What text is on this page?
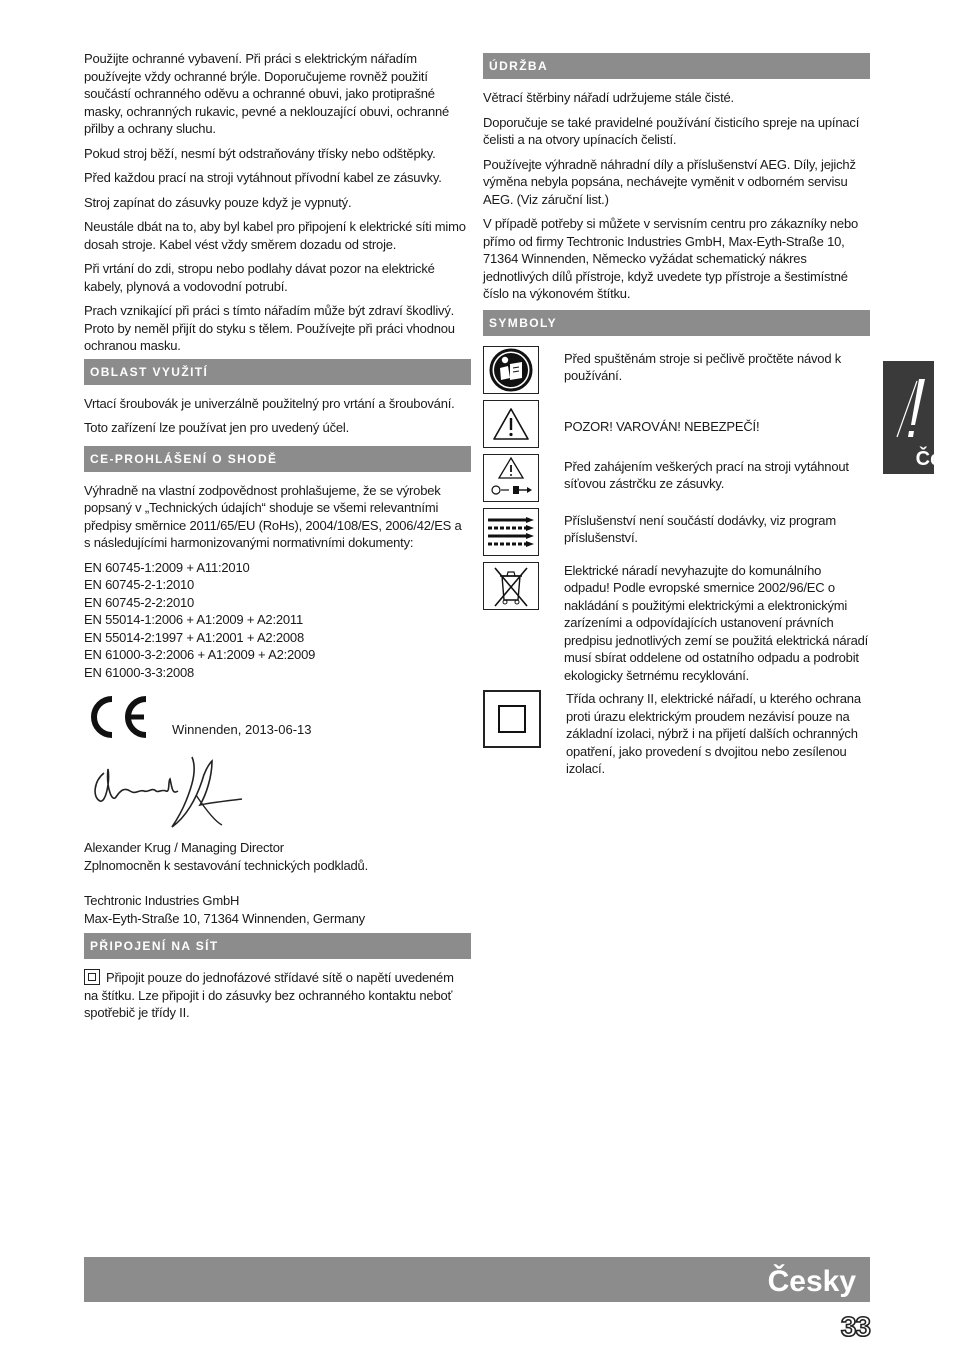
Použijte ochranné vybavení. Při práci s elektrickým nářadím používejte vždy ochranné brýle. Doporučujeme rovněž použití součástí ochranného oděvu a ochranné obuvi, jako protiprašné masky, ochranných rukavic, pevné a neklouzající obuvi, ochranné přilby a ochrany sluchu.

Pokud stroj běží, nesmí být odstraňovány třísky nebo odštěpky.

Před každou prací na stroji vytáhnout přívodní kabel ze zásuvky.

Stroj zapínat do zásuvky pouze když je vypnutý.

Neustále dbát na to, aby byl kabel pro připojení k elektrické síti mimo dosah stroje. Kabel vést vždy směrem dozadu od stroje.

Při vrtání do zdi, stropu nebo podlahy dávat pozor na elektrické kabely, plynová a vodovodní potrubí.

Prach vznikající při práci s tímto nářadím může být zdraví škodlivý. Proto by neměl přijít do styku s tělem. Používejte při práci vhodnou ochranou masku.

OBLAST VYUŽITÍ

Vrtací šroubovák je univerzálně použitelný pro vrtání a šroubování.

Toto zařízení lze používat jen pro uvedený účel.

CE-PROHLÁŠENÍ O SHODĚ

Výhradně na vlastní zodpovědnost prohlašujeme, že se výrobek popsaný v „Technických údajích“ shoduje se všemi relevantními předpisy směrnice 2011/65/EU (RoHs), 2004/108/ES, 2006/42/ES a s následujícími harmonizovanými normativními dokumenty:

EN 60745-1:2009 + A11:2010

EN 60745-2-1:2010

EN 60745-2-2:2010

EN 55014-1:2006 + A1:2009 + A2:2011

EN 55014-2:1997 + A1:2001 + A2:2008

EN 61000-3-2:2006 + A1:2009 + A2:2009

EN 61000-3-3:2008

Winnenden, 2013-06-13

Alexander Krug / Managing Director

Zplnomocněn k sestavování technických podkladů.

Techtronic Industries GmbH

Max-Eyth-Straße 10, 71364 Winnenden, Germany

PŘIPOJENÍ NA SÍT

Připojit pouze do jednofázové střídavé sítě o napětí uvedeném na štítku. Lze připojit i do zásuvky bez ochranného kontaktu neboť spotřebič je třídy II.

ÚDRŽBA

Větrací štěrbiny nářadí udržujeme stále čisté.

Doporučuje se také pravidelné používání čisticího spreje na upínací čelisti a na otvory upínacích čelistí.

Používejte výhradně náhradní díly a příslušenství AEG. Díly, jejichž výměna nebyla popsána, nechávejte vyměnit v odborném servisu AEG. (Viz záruční list.)

V případě potřeby si můžete v servisním centru pro zákazníky nebo přímo od firmy Techtronic Industries GmbH, Max-Eyth-Straße 10, 71364 Winnenden, Německo vyžádat schematický nákres jednotlivých dílů přístroje, když uvedete typ přístroje a šestimístné číslo na výkonovém štítku.

SYMBOLY
Před spuštěnám stroje si pečlivě pročtěte návod k používání.
POZOR! VAROVÁN! NEBEZPEČÍ!
Před zahájením veškerých prací na stroji vytáhnout síťovou zástrčku ze zásuvky.
Příslušenství není součástí dodávky, viz program příslušenství.
Elektrické náradí nevyhazujte do komunálního odpadu! Podle evropské smernice 2002/96/EC o nakládání s použitými elektrickými a elektronickými zarízeními a odpovídajících ustanovení právních predpisu jednotlivých zemí se použitá elektrická náradí musí sbírat oddelene od ostatního odpadu a podrobit ekologicky šetrnému recyklování.
Třída ochrany II, elektrické nářadí, u kterého ochrana proti úrazu elektrickým proudem nezávisí pouze na základní izolaci, nýbrž i na přijetí dalších ochranných opatření, jako provedení s dvojitou nebo zesílenou izolací.
Čes
Česky
33
